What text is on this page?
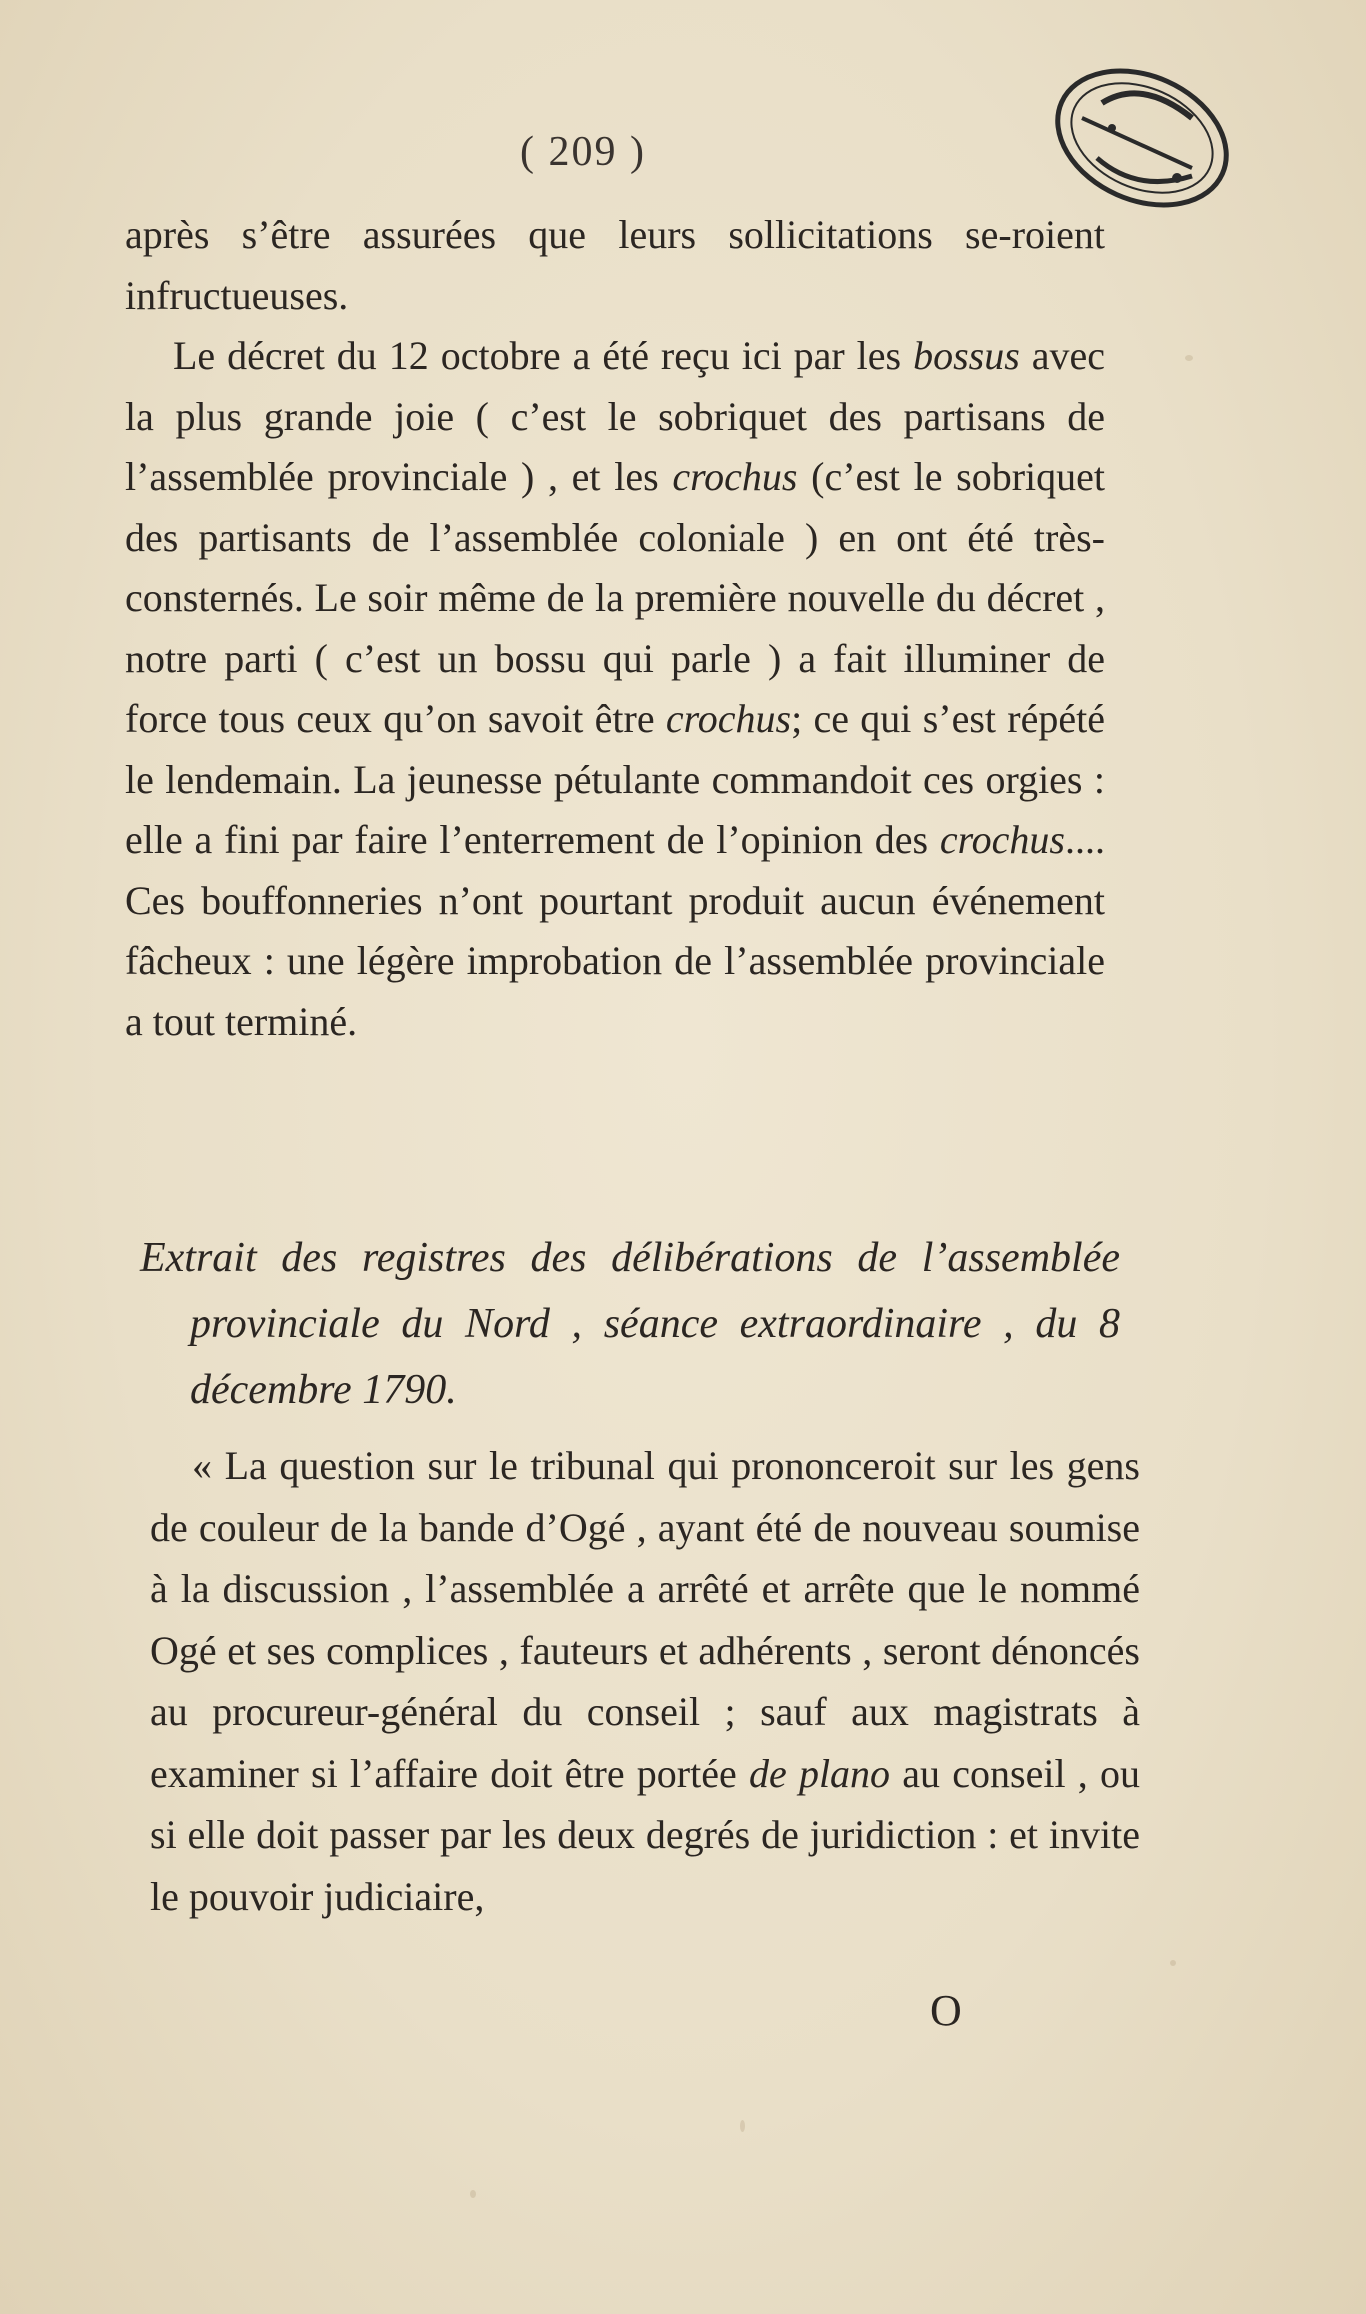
( 209 )

après s’être assurées que leurs sollicitations se-roient infructueuses.

Le décret du 12 octobre a été reçu ici par les bossus avec la plus grande joie ( c’est le sobriquet des partisans de l’assemblée provinciale ) , et les crochus (c’est le sobriquet des partisants de l’assemblée coloniale ) en ont été très-consternés. Le soir même de la première nouvelle du décret , notre parti ( c’est un bossu qui parle ) a fait illuminer de force tous ceux qu’on savoit être crochus; ce qui s’est répété le lendemain. La jeunesse pétulante commandoit ces orgies : elle a fini par faire l’enterrement de l’opinion des crochus.... Ces bouffonneries n’ont pourtant produit aucun événement fâcheux : une légère improbation de l’assemblée provinciale a tout terminé.

Extrait des registres des délibérations de l’assemblée provinciale du Nord , séance extraordinaire , du 8 décembre 1790.

« La question sur le tribunal qui prononceroit sur les gens de couleur de la bande d’Ogé , ayant été de nouveau soumise à la discussion , l’assemblée a arrêté et arrête que le nommé Ogé et ses complices , fauteurs et adhérents , seront dénoncés au procureur-général du conseil ; sauf aux magistrats à examiner si l’affaire doit être portée de plano au conseil , ou si elle doit passer par les deux degrés de juridiction : et invite le pouvoir judiciaire,

O
